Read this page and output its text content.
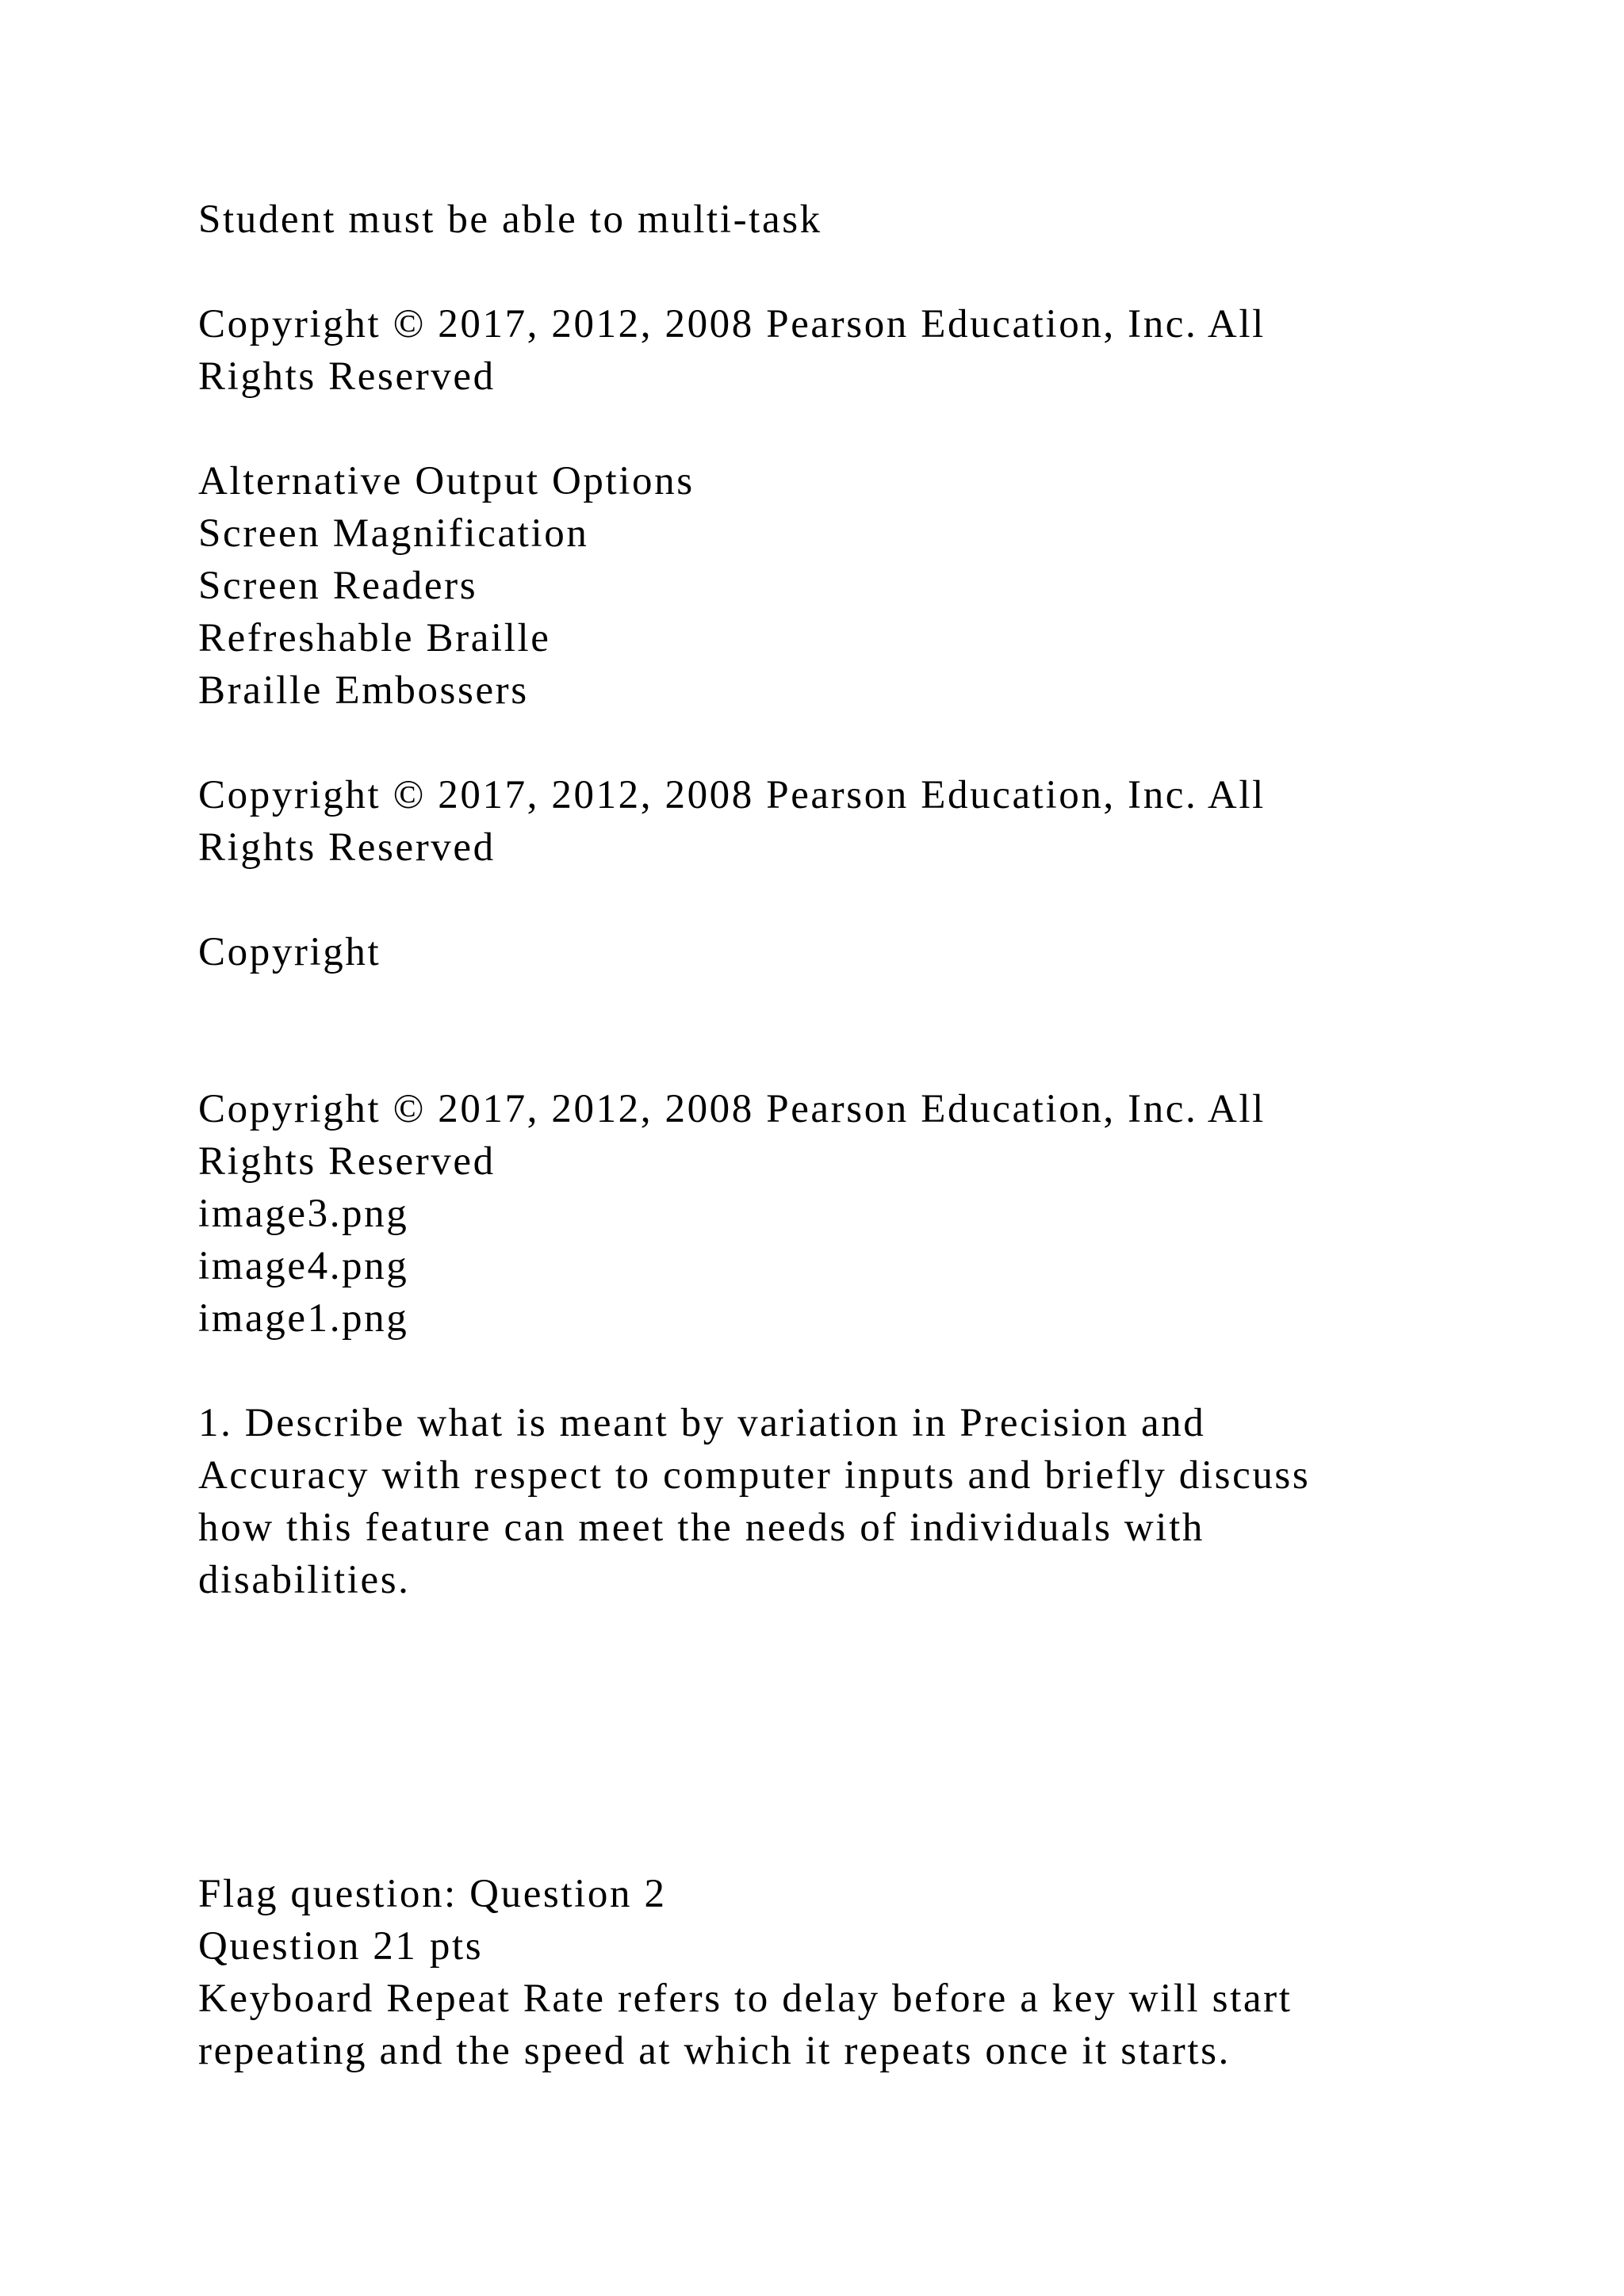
Student must be able to multi-task
Copyright © 2017, 2012, 2008 Pearson Education, Inc. All
Rights Reserved
Alternative Output Options
Screen Magnification
Screen Readers
Refreshable Braille
Braille Embossers
Copyright © 2017, 2012, 2008 Pearson Education, Inc. All
Rights Reserved
Copyright
Copyright © 2017, 2012, 2008 Pearson Education, Inc. All
Rights Reserved
image3.png
image4.png
image1.png
1. Describe what is meant by variation in Precision and
Accuracy with respect to computer inputs and briefly discuss
how this feature can meet the needs of individuals with
disabilities.
Flag question: Question 2
Question 21 pts
Keyboard Repeat Rate refers to delay before a key will start
repeating and the speed at which it repeats once it starts.
